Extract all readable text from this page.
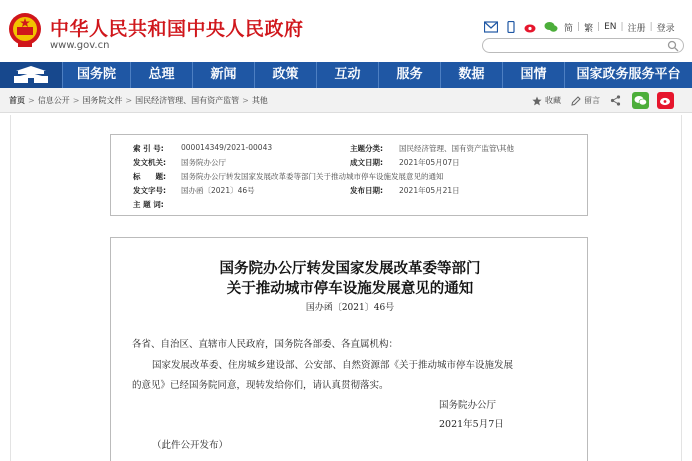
中华人民共和国中央人民政府
www.gov.cn
简 | 繁 | EN | 注册 | 登录
国务院	总理	新闻	政策	互动	服务	数据	国情	国家政务服务平台
首页 > 信息公开 > 国务院文件 > 国民经济管理、国有资产监管 > 其他	收藏	留言
索 引 号: 000014349/2021-00043	主题分类: 国民经济管理、国有资产监管\其他
发文机关: 国务院办公厅	成文日期: 2021年05月07日
标　　题: 国务院办公厅转发国家发展改革委等部门关于推动城市停车设施发展意见的通知
发文字号: 国办函〔2021〕46号	发布日期: 2021年05月21日
主 题 词:
国务院办公厅转发国家发展改革委等部门
关于推动城市停车设施发展意见的通知
国办函〔2021〕46号
各省、自治区、直辖市人民政府，国务院各部委、各直属机构：
国家发展改革委、住房城乡建设部、公安部、自然资源部《关于推动城市停车设施发展
的意见》已经国务院同意，现转发给你们，请认真贯彻落实。
国务院办公厅
2021年5月7日
（此件公开发布）
